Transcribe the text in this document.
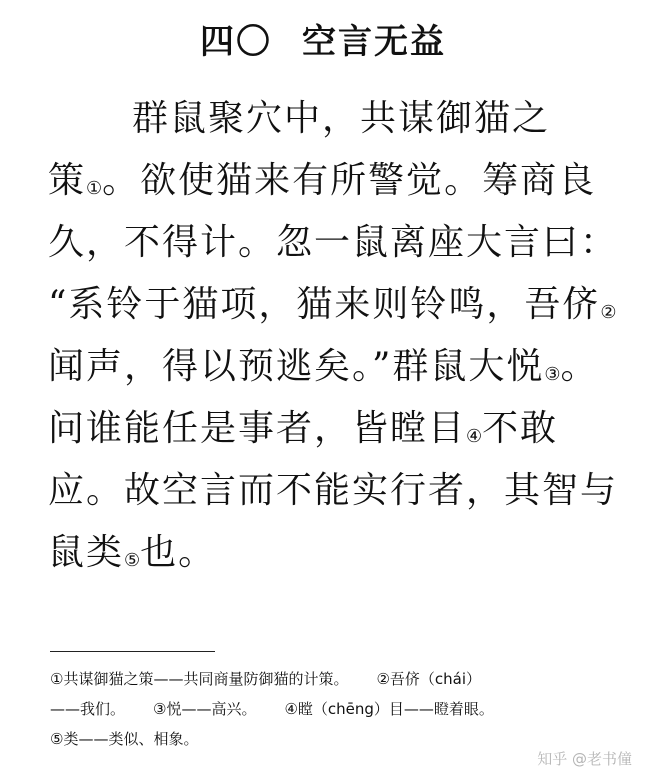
四〇 空言无益
群鼠聚穴中，共谋御猫之
策①。欲使猫来有所警觉。筹商良
久，不得计。忽一鼠离座大言曰：
“系铃于猫项，猫来则铃鸣，吾侪②
闻声，得以预逃矣。”群鼠大悦③。
问谁能任是事者，皆瞠目④不敢
应。故空言而不能实行者，其智与
鼠类⑤也。
①共谋御猫之策——共同商量防御猫的计策。 ②吾侪（chái）
——我们。 ③悦——高兴。 ④瞠（chēng）目——瞪着眼。
⑤类——类似、相象。
知乎 @老书僮
